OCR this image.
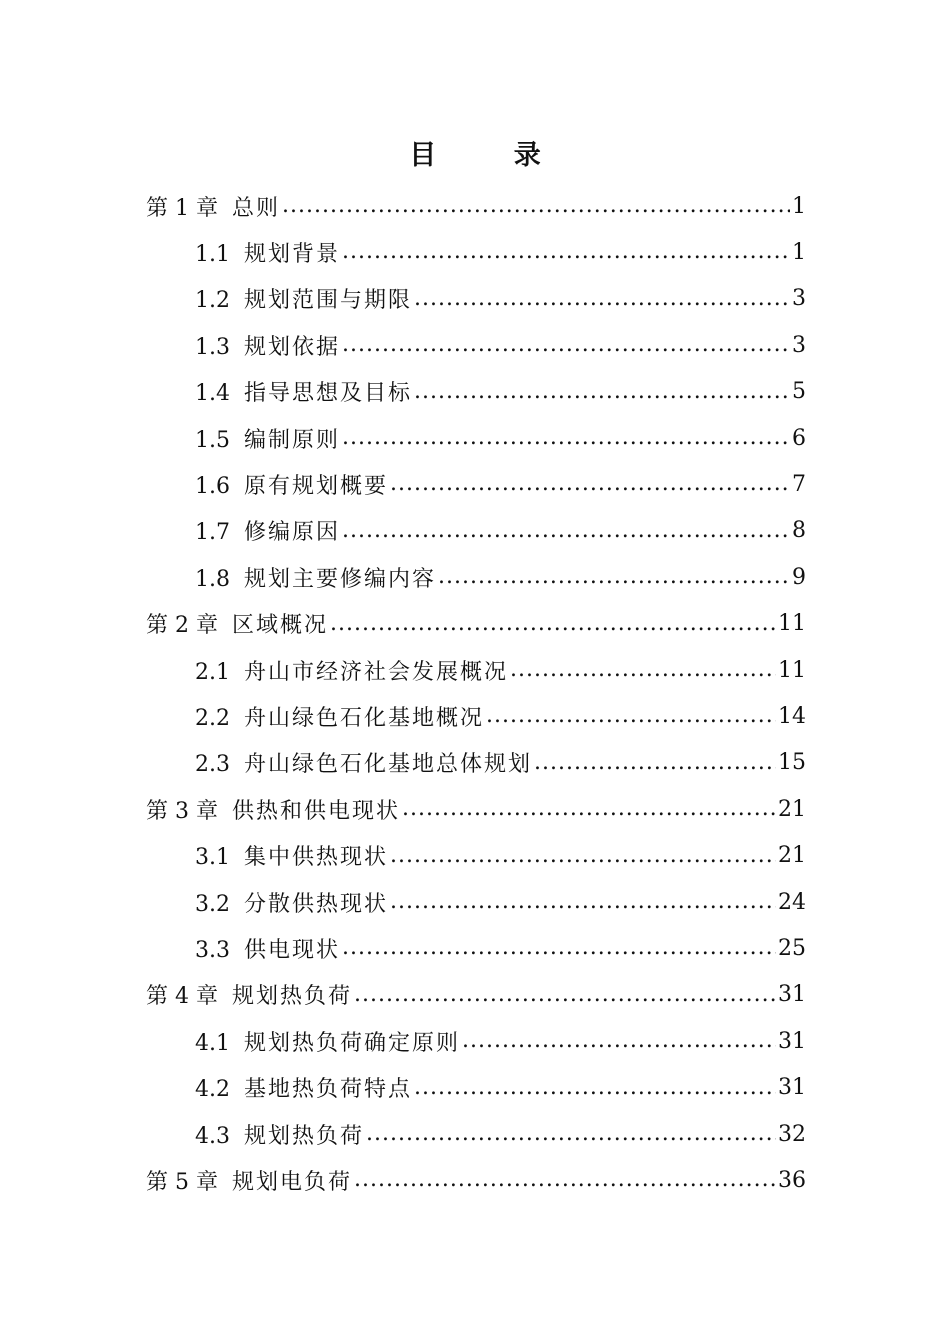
目 录
第 1 章 总则 .....	1
1.1 规划背景 .....	1
1.2 规划范围与期限 .....	3
1.3 规划依据 .....	3
1.4 指导思想及目标 .....	5
1.5 编制原则 .....	6
1.6 原有规划概要 .....	7
1.7 修编原因 .....	8
1.8 规划主要修编内容 .....	9
第 2 章 区域概况 .....	11
2.1 舟山市经济社会发展概况 .....	11
2.2 舟山绿色石化基地概况 .....	14
2.3 舟山绿色石化基地总体规划 .....	15
第 3 章 供热和供电现状 .....	21
3.1 集中供热现状 .....	21
3.2 分散供热现状 .....	24
3.3 供电现状 .....	25
第 4 章 规划热负荷 .....	31
4.1 规划热负荷确定原则 .....	31
4.2 基地热负荷特点 .....	31
4.3 规划热负荷 .....	32
第 5 章 规划电负荷 .....	36
